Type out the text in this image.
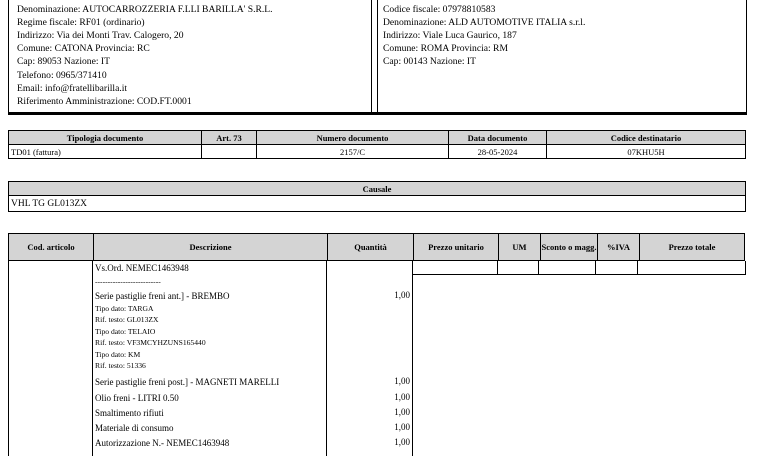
Denominazione: AUTOCARROZZERIA F.LLI BARILLA' S.R.L.
Regime fiscale: RF01 (ordinario)
Indirizzo: Via dei Monti Trav. Calogero, 20
Comune: CATONA Provincia: RC
Cap: 89053 Nazione: IT
Telefono: 0965/371410
Email: info@fratellibarilla.it
Riferimento Amministrazione: COD.FT.0001
Codice fiscale: 07978810583
Denominazione: ALD AUTOMOTIVE ITALIA s.r.l.
Indirizzo: Viale Luca Gaurico, 187
Comune: ROMA Provincia: RM
Cap: 00143 Nazione: IT
Tipologia documento	Art. 73	Numero documento	Data documento	Codice destinatario
TD01 (fattura)		2157/C	28-05-2024	07KHU5H
Causale
VHL TG GL013ZX
Cod. articolo	Descrizione	Quantità	Prezzo unitario	UM	Sconto o magg.	%IVA	Prezzo totale
Vs.Ord. NEMEC1463948
--------------------------
Serie pastiglie freni ant.] - BREMBO	1,00
Tipo dato: TARGA
Rif. testo: GL013ZX
Tipo dato: TELAIO
Rif. testo: VF3MCYHZUNS165440
Tipo dato: KM
Rif. testo: 51336
Serie pastiglie freni post.] - MAGNETI MARELLI	1,00
Olio freni - LITRI 0.50	1,00
Smaltimento rifiuti	1,00
Materiale di consumo	1,00
Autorizzazione N.- NEMEC1463948	1,00
